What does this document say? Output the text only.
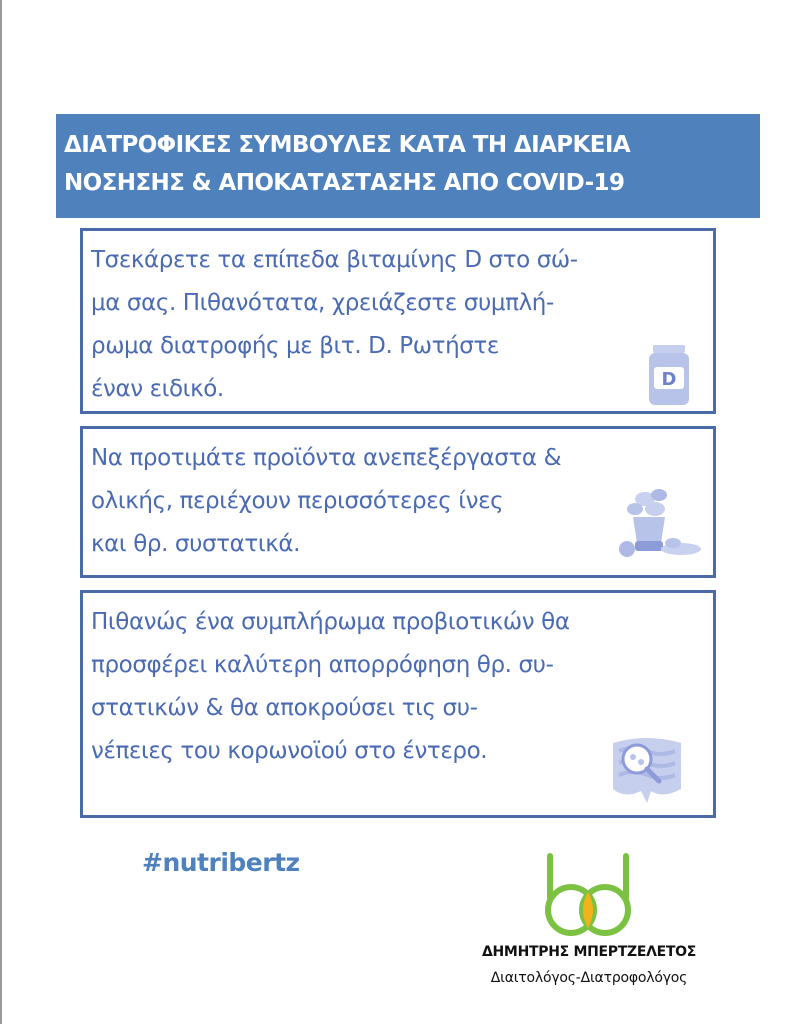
ΔΙΑΤΡΟΦΙΚΕΣ ΣΥΜΒΟΥΛΕΣ ΚΑΤΑ ΤΗ ΔΙΑΡΚΕΙΑ
ΝΟΣΗΣΗΣ & ΑΠΟΚΑΤΑΣΤΑΣΗΣ ΑΠΟ COVID-19
Τσεκάρετε τα επίπεδα βιταμίνης D στο σώ-
μα σας. Πιθανότατα, χρειάζεστε συμπλή-
ρωμα διατροφής με βιτ. D. Ρωτήστε
έναν ειδικό.	D
Να προτιμάτε προϊόντα ανεπεξέργαστα &
ολικής, περιέχουν περισσότερες ίνες
και θρ. συστατικά.
Πιθανώς ένα συμπλήρωμα προβιοτικών θα
προσφέρει καλύτερη απορρόφηση θρ. συ-
στατικών & θα αποκρούσει τις συ-
νέπειες του κορωνοϊού στο έντερο.
#nutribertz
ΔΗΜΗΤΡΗΣ ΜΠΕΡΤΖΕΛΕΤΟΣ
Διαιτολόγος-Διατροφολόγος
